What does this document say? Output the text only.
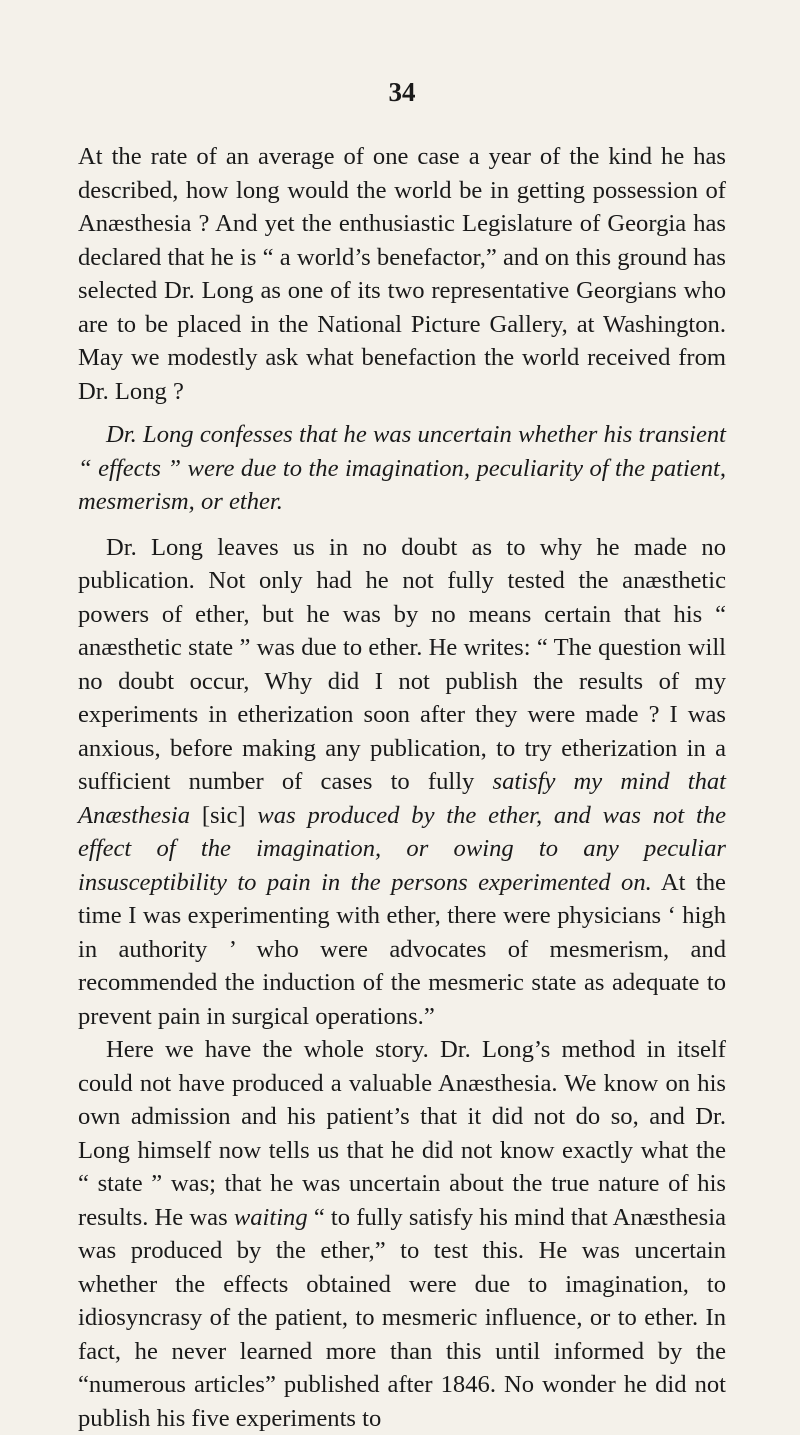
34

At the rate of an average of one case a year of the kind he has described, how long would the world be in getting possession of Anæsthesia ? And yet the enthusiastic Legislature of Georgia has declared that he is “ a world’s benefactor,” and on this ground has selected Dr. Long as one of its two representative Georgians who are to be placed in the National Picture Gallery, at Washington. May we modestly ask what benefaction the world received from Dr. Long ?

Dr. Long confesses that he was uncertain whether his transient “ effects ” were due to the imagination, peculiarity of the patient, mesmerism, or ether.

Dr. Long leaves us in no doubt as to why he made no publication. Not only had he not fully tested the anæsthetic powers of ether, but he was by no means certain that his “ anæsthetic state ” was due to ether. He writes: “ The question will no doubt occur, Why did I not publish the results of my experiments in etherization soon after they were made ? I was anxious, before making any publication, to try etherization in a sufficient number of cases to fully satisfy my mind that Anæsthesia [sic] was produced by the ether, and was not the effect of the imagination, or owing to any peculiar insusceptibility to pain in the persons experimented on. At the time I was experimenting with ether, there were physicians ‘ high in authority ’ who were advocates of mesmerism, and recommended the induction of the mesmeric state as adequate to prevent pain in surgical operations.”

Here we have the whole story. Dr. Long’s method in itself could not have produced a valuable Anæsthesia. We know on his own admission and his patient’s that it did not do so, and Dr. Long himself now tells us that he did not know exactly what the “ state ” was; that he was uncertain about the true nature of his results. He was waiting “ to fully satisfy his mind that Anæsthesia was produced by the ether,” to test this. He was uncertain whether the effects obtained were due to imagination, to idiosyncrasy of the patient, to mesmeric influence, or to ether. In fact, he never learned more than this until informed by the “numerous articles” published after 1846. No wonder he did not publish his five experiments to
